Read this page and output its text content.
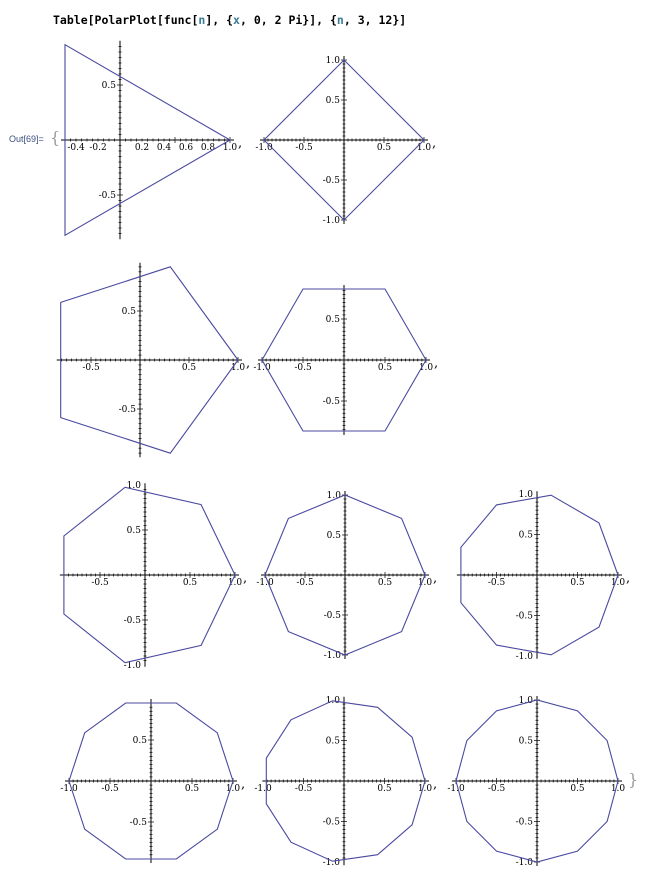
Table[PolarPlot[func[n], {x, 0, 2 Pi}], {n, 3, 12}]
Out[69]= {
}
-0.4 -0.2	0.2 0.4 0.6 0.8 1.0
0.5
-0.5
, -1.0	-0.5	0.5	1.0
1.0
0.5
-0.5
-1.0
,
-0.5	0.5	1.0
0.5
-0.5
, -1.0	-0.5	0.5	1.0
0.5
-0.5
,
-0.5	0.5	1.0
1.0
0.5
-0.5
-1.0
, -1.0	-0.5	0.5	1.0
1.0
0.5
-0.5
-1.0
,	-0.5	0.5	1.0
1.0
0.5
-0.5
-1.0
,
-1.0	-0.5	0.5	1.0
0.5
-0.5
, -1.0	-0.5	0.5	1.0
1.0
0.5
-0.5
-1.0
, -1.0	-0.5	0.5	1.0
1.0
0.5
-0.5
-1.0
